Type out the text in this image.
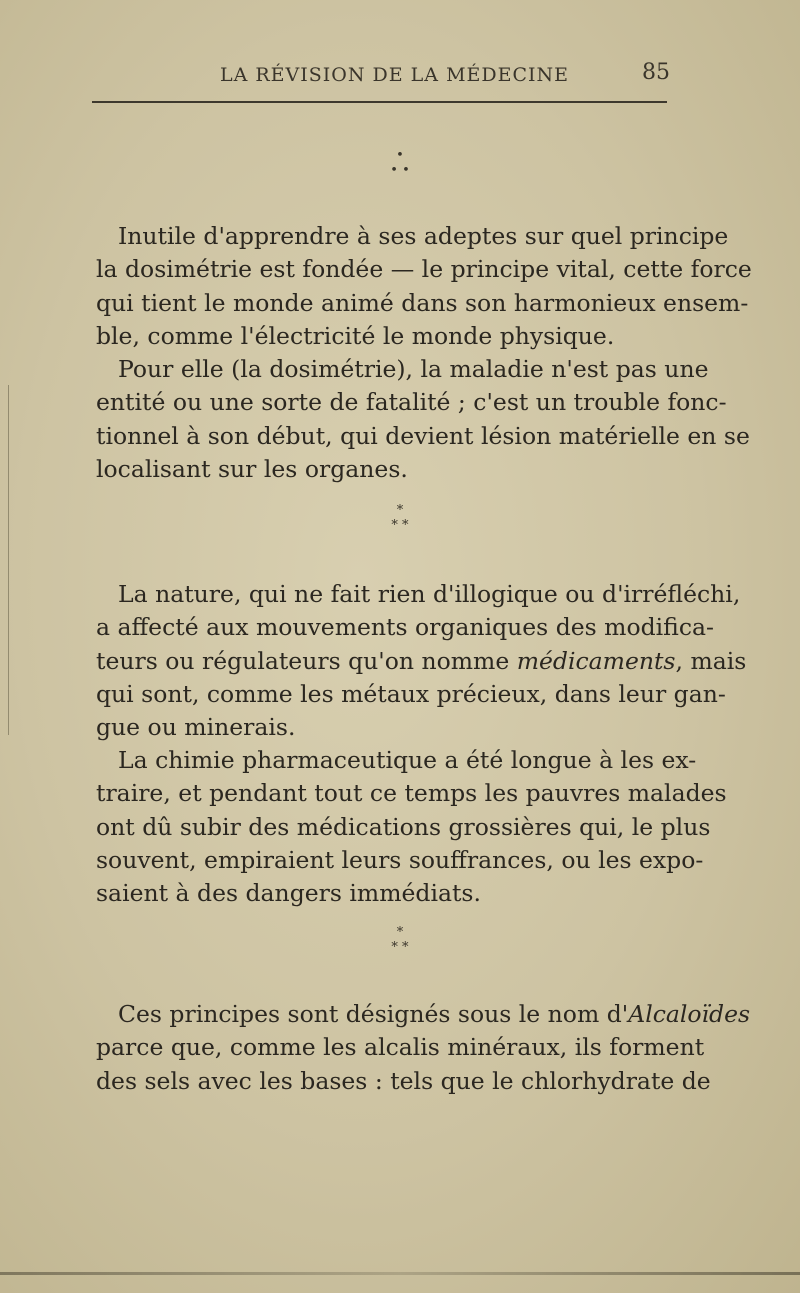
LA RÉVISION DE LA MÉDECINE	85
•
• •

Inutile d'apprendre à ses adeptes sur quel principe
la dosimétrie est fondée — le principe vital, cette force
qui tient le monde animé dans son harmonieux ensem-
ble, comme l'électricité le monde physique.

Pour elle (la dosimétrie), la maladie n'est pas une
entité ou une sorte de fatalité ; c'est un trouble fonc-
tionnel à son début, qui devient lésion matérielle en se
localisant sur les organes.

*
* *

La nature, qui ne fait rien d'illogique ou d'irréfléchi,
a affecté aux mouvements organiques des modifica-
teurs ou régulateurs qu'on nomme médicaments, mais
qui sont, comme les métaux précieux, dans leur gan-
gue ou minerais.

La chimie pharmaceutique a été longue à les ex-
traire, et pendant tout ce temps les pauvres malades
ont dû subir des médications grossières qui, le plus
souvent, empiraient leurs souffrances, ou les expo-
saient à des dangers immédiats.

*
* *

Ces principes sont désignés sous le nom d'Alcaloïdes
parce que, comme les alcalis minéraux, ils forment
des sels avec les bases : tels que le chlorhydrate de
